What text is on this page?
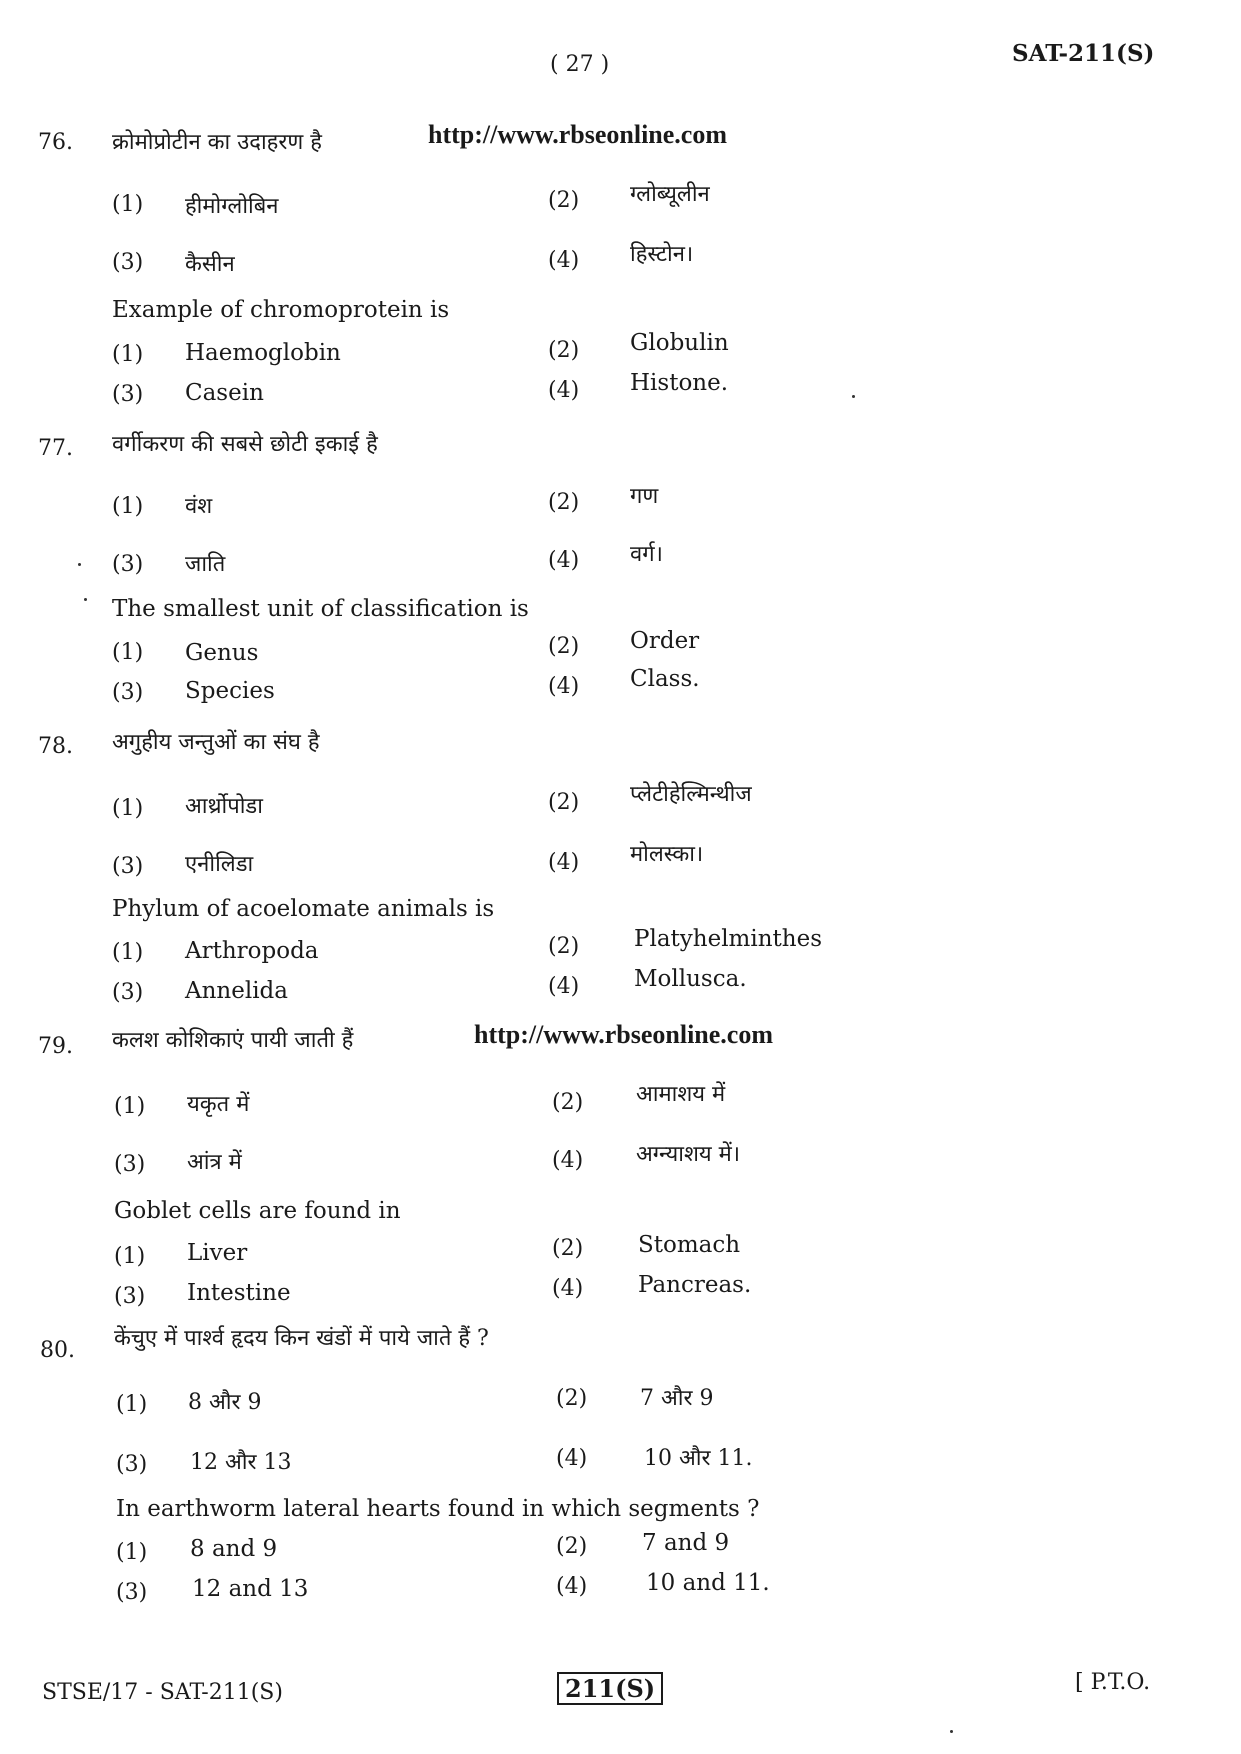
( 27 )	SAT-211(S)
76. क्रोमोप्रोटीन का उदाहरण है	http://www.rbseonline.com
(1) हीमोग्लोबिन	(2) ग्लोब्यूलीन
(3) कैसीन	(4) हिस्टोन।
Example of chromoprotein is
(1) Haemoglobin	(2) Globulin
(3) Casein	(4) Histone.
77. वर्गीकरण की सबसे छोटी इकाई है
(1) वंश	(2) गण
(3) जाति	(4) वर्ग।
The smallest unit of classification is
(1) Genus	(2) Order
(3) Species	(4) Class.
78. अगुहीय जन्तुओं का संघ है
(1) आर्थ्रोपोडा	(2) प्लेटीहेल्मिन्थीज
(3) एनीलिडा	(4) मोलस्का।
Phylum of acoelomate animals is
(1) Arthropoda	(2) Platyhelminthes
(3) Annelida	(4) Mollusca.
79. कलश कोशिकाएं पायी जाती हैं	http://www.rbseonline.com
(1) यकृत में	(2) आमाशय में
(3) आंत्र में	(4) अग्न्याशय में।
Goblet cells are found in
(1) Liver	(2) Stomach
(3) Intestine	(4) Pancreas.
80. केंचुए में पार्श्व हृदय किन खंडों में पाये जाते हैं ?
(1) 8 और 9	(2) 7 और 9
(3) 12 और 13	(4)	10 और 11.
In earthworm lateral hearts found in which segments ?
(1) 8 and 9	(2) 7 and 9
(3) 12 and 13	(4)	10 and 11.
STSE/17 - SAT-211(S)	211(S)	[ P.T.O.
